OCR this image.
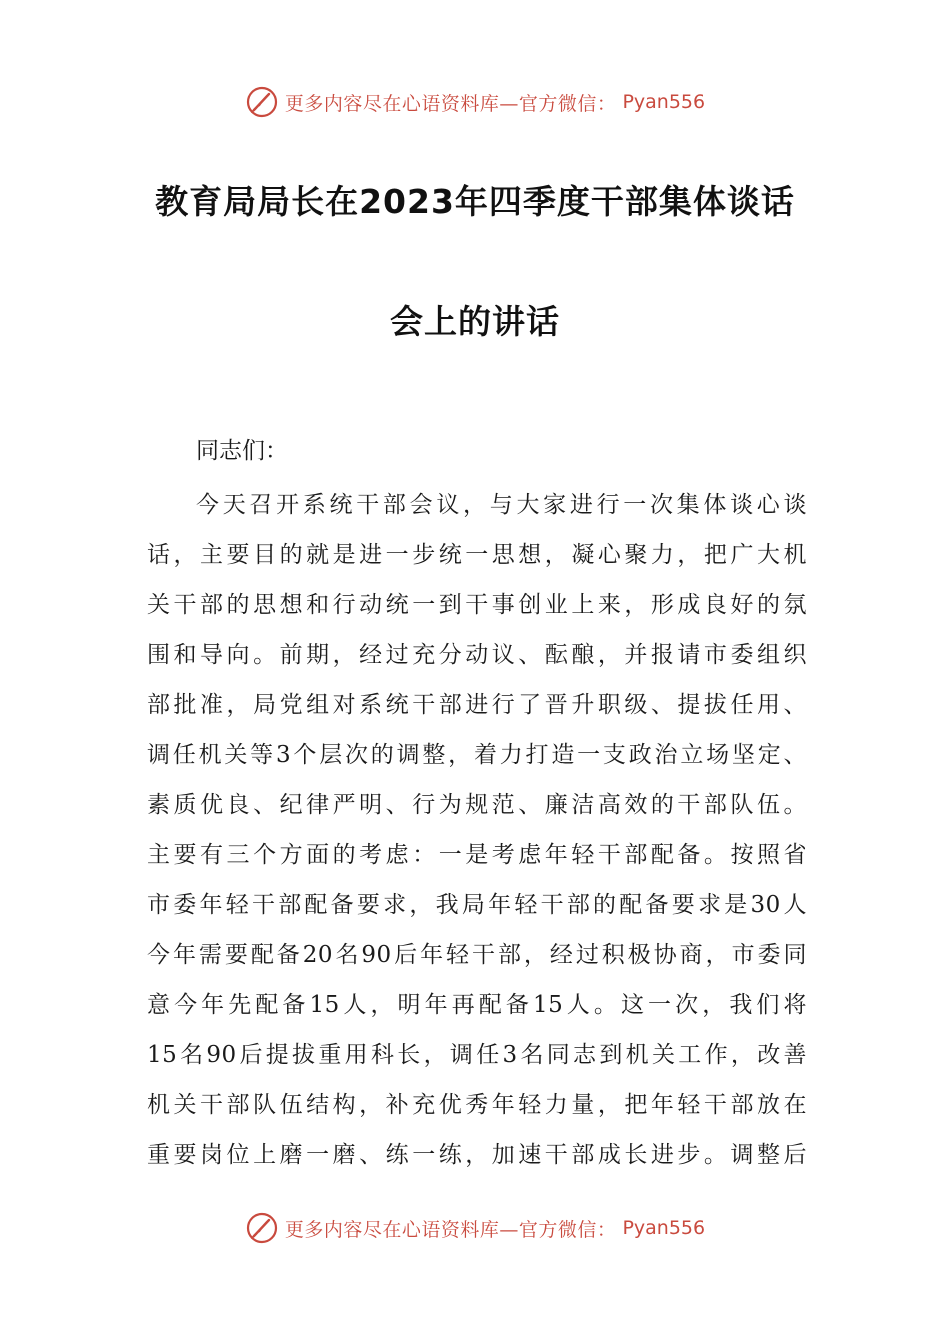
更多内容尽在心语资料库—官方微信： Pyan556
教育局局长在2023年四季度干部集体谈话
会上的讲话
同志们：
今天召开系统干部会议，与大家进行一次集体谈心谈
话，主要目的就是进一步统一思想，凝心聚力，把广大机
关干部的思想和行动统一到干事创业上来，形成良好的氛
围和导向。前期，经过充分动议、酝酿，并报请市委组织
部批准，局党组对系统干部进行了晋升职级、提拔任用、
调任机关等3个层次的调整，着力打造一支政治立场坚定、
素质优良、纪律严明、行为规范、廉洁高效的干部队伍。
主要有三个方面的考虑：一是考虑年轻干部配备。按照省
市委年轻干部配备要求，我局年轻干部的配备要求是30人
今年需要配备20名90后年轻干部，经过积极协商，市委同
意今年先配备15人，明年再配备15人。这一次，我们将
15名90后提拔重用科长，调任3名同志到机关工作，改善
机关干部队伍结构，补充优秀年轻力量，把年轻干部放在
重要岗位上磨一磨、练一练，加速干部成长进步。调整后
更多内容尽在心语资料库—官方微信： Pyan556
